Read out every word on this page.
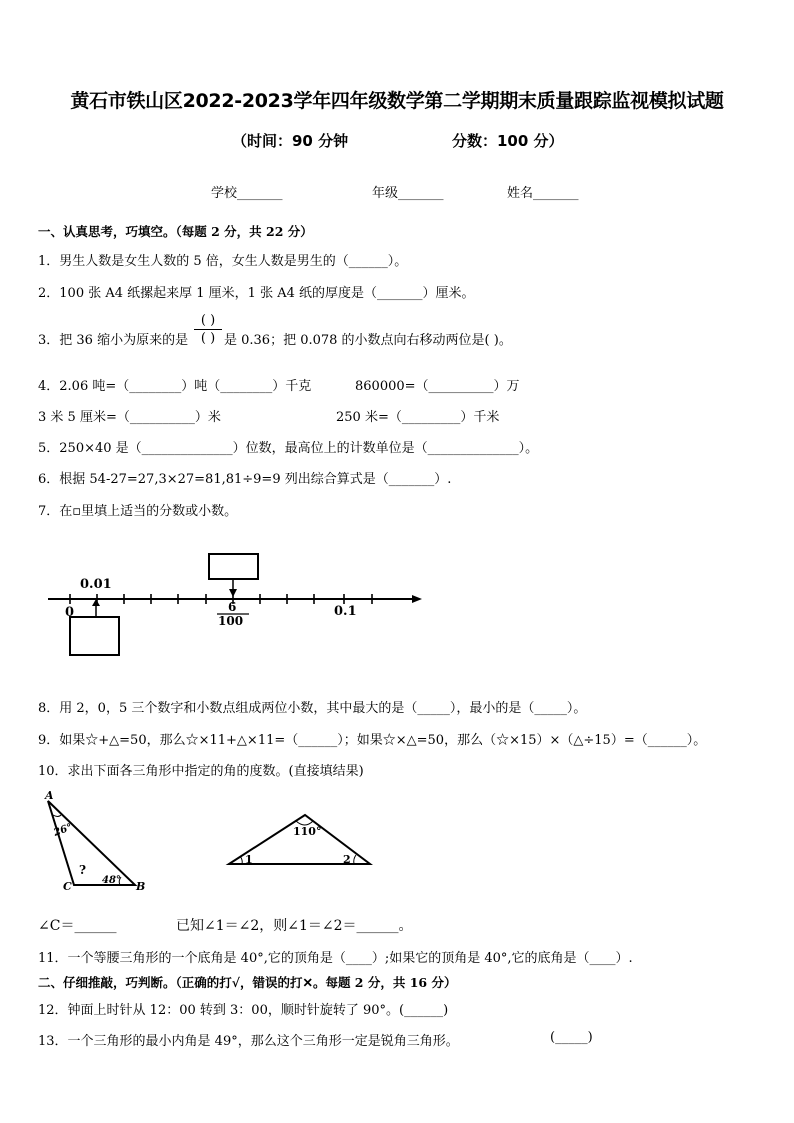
黄石市铁山区2022-2023学年四年级数学第二学期期末质量跟踪监视模拟试题
（时间：90 分钟	分数：100 分）
学校_______	年级_______	姓名_______
一、认真思考，巧填空。（每题 2 分，共 22 分）
1．男生人数是女生人数的 5 倍，女生人数是男生的（______）。
2．100 张 A4 纸摞起来厚 1 厘米，1 张 A4 纸的厚度是（_______）厘米。
3．把 36 缩小为原来的是
( )
( ) 是 0.36；把 0.078 的小数点向右移动两位是( )。
4．2.06 吨=（________）吨（________）千克	860000=（__________）万
3 米 5 厘米=（__________）米	250 米=（_________）千米
5．250×40 是（______________）位数，最高位上的计数单位是（______________）。
6．根据 54-27=27,3×27=81,81÷9=9 列出综合算式是（_______）.
7．在▫里填上适当的分数或小数。
0.01
0	6
100
0.1
8．用 2，0，5 三个数字和小数点组成两位小数，其中最大的是（_____），最小的是（_____）。
9．如果☆+△=50，那么☆×11+△×11=（______）；如果☆×△=50，那么（☆×15）×（△÷15）=（______）。
10．求出下面各三角形中指定的角的度数。(直接填结果)
A
B
C
26°
48°
?
110°
1	2
∠C＝______	已知∠1＝∠2，则∠1＝∠2＝______。
11．一个等腰三角形的一个底角是 40°,它的顶角是（____）;如果它的顶角是 40°,它的底角是（____）.
二、仔细推敲，巧判断。（正确的打√，错误的打✕。每题 2 分，共 16 分）
12．钟面上时针从 12：00 转到 3：00，顺时针旋转了 90°。(______)
13．一个三角形的最小内角是 49°，那么这个三角形一定是锐角三角形。	(_____)
